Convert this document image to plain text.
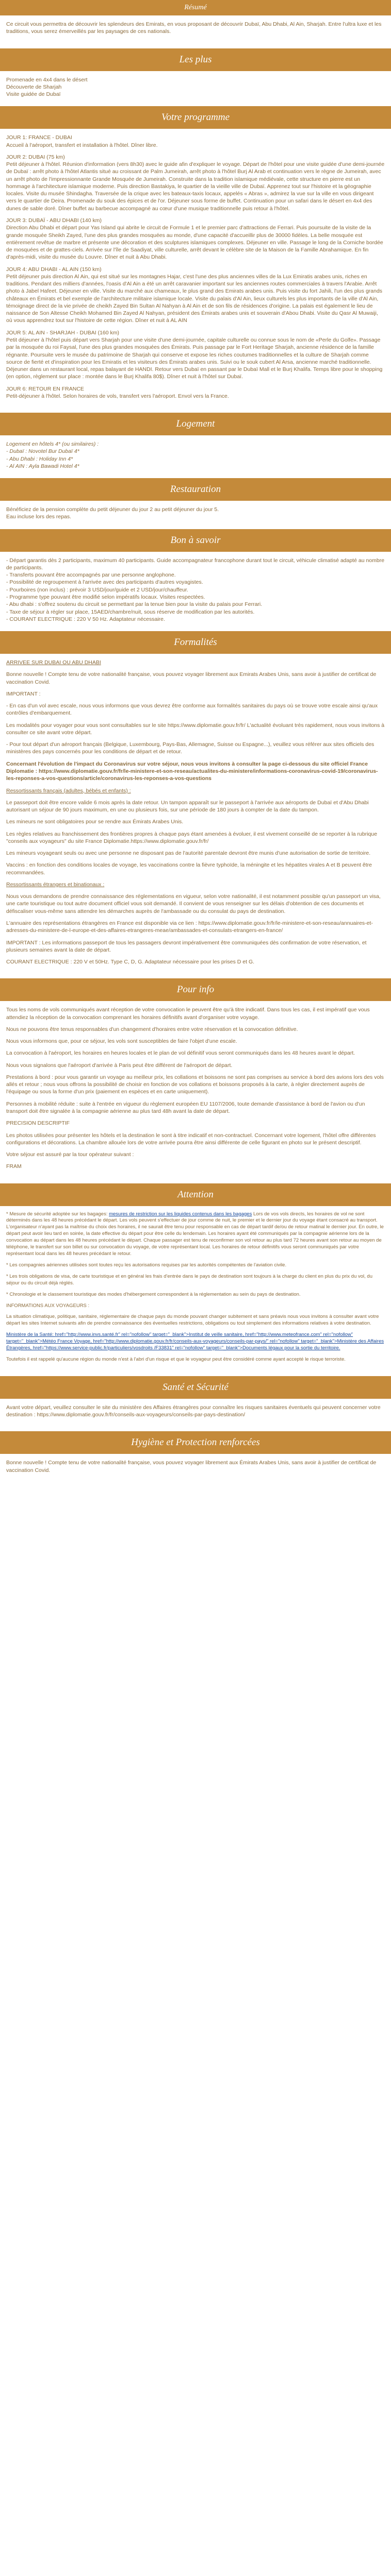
Résumé

Ce circuit vous permettra de découvrir les splendeurs des Emirats, en vous proposant de découvrir Dubaï, Abu Dhabi, Al Ain, Sharjah. Entre l'ultra luxe et les traditions, vous serez émerveillés par les paysages de ces nationals.

Les plus

Promenade en 4x4 dans le désert

Découverte de Sharjah

Visite guidée de Dubaï

Votre programme

JOUR 1: FRANCE - DUBAI
Accueil à l'aéroport, transfert et installation à l'hôtel. Dîner libre.

JOUR 2: DUBAI (75 km)
Petit déjeuner à l'hôtel. Réunion d'information (vers 8h30) avec le guide afin d'expliquer le voyage. Départ de l'hôtel pour une visite guidée d'une demi-journée de Dubaï : arrêt photo à l'hôtel Atlantis situé au croissant de Palm Jumeirah, arrêt photo à l'hôtel Burj Al Arab et continuation vers le règne de Jumeirah, avec un arrêt photo de l'impressionnante Grande Mosquée de Jumeirah. Construite dans la tradition islamique médiévale, cette structure en pierre est un hommage à l'architecture islamique moderne. Puis direction Bastakiya, le quartier de la vieille ville de Dubaï. Apprenez tout sur l'histoire et la géographie locales. Visite du musée Shindagha. Traversée de la crique avec les bateaux-taxis locaux, appelés « Abras », admirez la vue sur la ville en vous dirigeant vers le quartier de Deira. Promenade du souk des épices et de l'or. Déjeuner sous forme de buffet. Continuation pour un safari dans le désert en 4x4 des dunes de sable doré. Dîner buffet au barbecue accompagné au cœur d'une musique traditionnelle puis retour à l'hôtel.

JOUR 3: DUBAÏ - ABU DHABI (140 km)
Direction Abu Dhabi et départ pour Yas Island qui abrite le circuit de Formule 1 et le premier parc d'attractions de Ferrari. Puis poursuite de la visite de la grande mosquée Sheikh Zayed, l'une des plus grandes mosquées au monde, d'une capacité d'accueillir plus de 30000 fidèles. La belle mosquée est entièrement revêtue de marbre et présente une décoration et des sculptures islamiques complexes. Déjeuner en ville. Passage le long de la Corniche bordée de mosquées et de grattes-ciels. Arrivée sur l'île de Saadiyat, ville culturelle, arrêt devant le célèbre site de la Maison de la Famille Abrahamique. En fin d'après-midi, visite du musée du Louvre. Dîner et nuit à Abu Dhabi.

JOUR 4: ABU DHABI - AL AIN (150 km)
Petit déjeuner puis direction Al Ain, qui est situé sur les montagnes Hajar, c'est l'une des plus anciennes villes de la Lux Emiratis arabes unis, riches en traditions. Pendant des milliers d'années, l'oasis d'Al Ain a été un arrêt caravanier important sur les anciennes routes commerciales à travers l'Arabie. Arrêt photo à Jabel Hafeet. Déjeuner en ville. Visite du marché aux chameaux, le plus grand des Emirats arabes unis. Puis visite du fort Jahili, l'un des plus grands châteaux en Émirats et bel exemple de l'architecture militaire islamique locale. Visite du palais d'Al Ain, lieux culturels les plus importants de la ville d'Al Ain, témoignage direct de la vie privée de cheikh Zayed Bin Sultan Al Nahyan à Al Ain et de son fils de résidences d'origine. La palais est également le lieu de naissance de Son Altesse Cheikh Mohamed Bin Zayed Al Nahyan, président des Émirats arabes unis et souverain d'Abou Dhabi. Visite du Qasr Al Muwaiji, où vous apprendrez tout sur l'histoire de cette région. Dîner et nuit à AL AIN

JOUR 5: AL AIN - SHARJAH - DUBAI (160 km)
Petit déjeuner à l'hôtel puis départ vers Sharjah pour une visite d'une demi-journée, capitale culturelle ou connue sous le nom de «Perle du Golfe». Passage par la mosquée du roi Faysal, l'une des plus grandes mosquées des Émirats. Puis passage par le Fort Heritage Sharjah, ancienne résidence de la famille régnante. Poursuite vers le musée du patrimoine de Sharjah qui conserve et expose les riches coutumes traditionnelles et la culture de Sharjah comme source de fierté et d'inspiration pour les Emiratis et les visiteurs des Émirats arabes unis. Suivi ou le souk cubert Al Arsa, ancienne marché traditionnelle. Déjeuner dans un restaurant local, repas balayant de HANDI. Retour vers Dubaï en passant par le Dubaï Mall et le Burj Khalifa. Temps libre pour le shopping (en option, règlement sur place : montée dans le Burj Khalifa 80$). Dîner et nuit à l'hôtel sur Dubaï.

JOUR 6: RETOUR EN FRANCE
Petit-déjeuner à l'hôtel. Selon horaires de vols, transfert vers l'aéroport. Envol vers la France.

Logement

Logement en hôtels 4* (ou similaires) :

- Dubaï : Novotel Bur Dubaï 4*

- Abu Dhabi : Holiday Inn 4*

- Al AIN : Ayla Bawadi Hotel 4*

Restauration

Bénéficiez de la pension complète du petit déjeuner du jour 2 au petit déjeuner du jour 5.

Eau incluse lors des repas.

Bon à savoir

- Départ garantis dès 2 participants, maximum 40 participants. Guide accompagnateur francophone durant tout le circuit, véhicule climatisé adapté au nombre de participants.

- Transferts pouvant être accompagnés par une personne anglophone.

- Possibilité de regroupement à l'arrivée avec des participants d'autres voyagistes.

- Pourboires (non inclus) : prévoir 3 USD/jour/guide et 2 USD/jour/chauffeur.

- Programme type pouvant être modifié selon impératifs locaux. Visites respectées.

- Abu dhabi : s'offrez soutenu du circuit se permettant par la tenue bien pour la visite du palais pour Ferrari.

- Taxe de séjour à régler sur place, 15AED/chambre/nuit, sous réserve de modification par les autorités.

- COURANT ELECTRIQUE : 220 V 50 Hz. Adaptateur nécessaire.

Formalités

ARRIVEE SUR DUBAI OU ABU DHABI

Bonne nouvelle ! Compte tenu de votre nationalité française, vous pouvez voyager librement aux Emirats Arabes Unis, sans avoir à justifier de certificat de vaccination Covid.

IMPORTANT :

- En cas d'un vol avec escale, nous vous informons que vous devrez être conforme aux formalités sanitaires du pays où se trouve votre escale ainsi qu'aux contrôles d'embarquement.

Les modalités pour voyager pour vous sont consultables sur le site https://www.diplomatie.gouv.fr/fr/ L'actualité évoluant très rapidement, nous vous invitons à consulter ce site avant votre départ.

- Pour tout départ d'un aéroport français (Belgique, Luxembourg, Pays-Bas, Allemagne, Suisse ou Espagne...), veuillez vous référer aux sites officiels des ministères des pays concernés pour les conditions de départ et de retour.

Concernant l'évolution de l'impact du Coronavirus sur votre séjour, nous vous invitons à consulter la page ci-dessous du site officiel France Diplomatie : https://www.diplomatie.gouv.fr/fr/le-ministere-et-son-reseau/actualites-du-ministere/informations-coronavirus-covid-19/coronavirus-les-reponses-a-vos-questions/article/coronavirus-les-reponses-a-vos-questions

Ressortissants français (adultes, bébés et enfants) :

Le passeport doit être encore valide 6 mois après la date retour. Un tampon apparaît sur le passeport à l'arrivée aux aéroports de Dubaï et d'Abu Dhabi autorisant un séjour de 90 jours maximum, en une ou plusieurs fois, sur une période de 180 jours à compter de la date du tampon.

Les mineurs ne sont obligatoires pour se rendre aux Émirats Arabes Unis.

Les règles relatives au franchissement des frontières propres à chaque pays étant amenées à évoluer, il est vivement conseillé de se reporter à la rubrique "conseils aux voyageurs" du site France Diplomatie.https://www.diplomatie.gouv.fr/fr/

Les mineurs voyageant seuls ou avec une personne ne disposant pas de l'autorité parentale devront être munis d'une autorisation de sortie de territoire.

Vaccins : en fonction des conditions locales de voyage, les vaccinations contre la fièvre typhoïde, la méningite et les hépatites virales A et B peuvent être recommandées.

Ressortissants étrangers et binationaux :

Nous vous demandons de prendre connaissance des réglementations en vigueur, selon votre nationalité, il est notamment possible qu'un passeport un visa, une carte touristique ou tout autre document officiel vous soit demandé. Il convient de vous renseigner sur les délais d'obtention de ces documents et défiscaliser vous-même sans attendre les démarches auprès de l'ambassade ou du consulat du pays de destination.

L'annuaire des représentations étrangères en France est disponible via ce lien : https://www.diplomatie.gouv.fr/fr/le-ministere-et-son-reseau/annuaires-et-adresses-du-ministere-de-l-europe-et-des-affaires-etrangeres-meae/ambassades-et-consulats-etrangers-en-france/

IMPORTANT : Les informations passeport de tous les passagers devront impérativement être communiquées dès confirmation de votre réservation, et plusieurs semaines avant la date de départ.

COURANT ELECTRIQUE : 220 V et 50Hz. Type C, D, G. Adaptateur nécessaire pour les prises D et G.

Pour info

Tous les noms de vols communiqués avant réception de votre convocation le peuvent être qu'à titre indicatif. Dans tous les cas, il est impératif que vous attendiez la réception de la convocation comprenant les horaires définitifs avant d'organiser votre voyage.

Nous ne pouvons être tenus responsables d'un changement d'horaires entre votre réservation et la convocation définitive.

Nous vous informons que, pour ce séjour, les vols sont susceptibles de faire l'objet d'une escale.

La convocation à l'aéroport, les horaires en heures locales et le plan de vol définitif vous seront communiqués dans les 48 heures avant le départ.

Nous vous signalons que l'aéroport d'arrivée à Paris peut être différent de l'aéroport de départ.

Prestations à bord : pour vous garantir un voyage au meilleur prix, les collations et boissons ne sont pas comprises au service à bord des avions lors des vols allés et retour ; nous vous offrons la possibilité de choisir en fonction de vos collations et boissons proposés à la carte, à régler directement auprès de l'équipage ou sous la forme d'un prix (paiement en espèces et en carte uniquement).

Personnes à mobilité réduite : suite à l'entrée en vigueur du règlement européen EU 1107/2006, toute demande d'assistance à bord de l'avion ou d'un transport doit être signalée à la compagnie aérienne au plus tard 48h avant la date de départ.

PRECISION DESCRIPTIF

Les photos utilisées pour présenter les hôtels et la destination le sont à titre indicatif et non-contractuel. Concernant votre logement, l'hôtel offre différentes configurations et décorations. La chambre allouée lors de votre arrivée pourra être ainsi différente de celle figurant en photo sur le présent descriptif.

Votre séjour est assuré par la tour opérateur suivant :

FRAM

Attention

* Mesure de sécurité adoptée sur les bagages: mesures de restriction sur les liquides contenus dans les bagages Lors de vos vols directs, les horaires de vol ne sont déterminés dans les 48 heures précédant le départ. Les vols peuvent s'effectuer de jour comme de nuit, le premier et le dernier jour du voyage étant consacré au transport. L'organisateur n'ayant pas la maîtrise du choix des horaires, il ne saurait être tenu pour responsable en cas de départ tardif de/ou de retour matinal le dernier jour. En outre, le départ peut avoir lieu tard en soirée, la date effective du départ pour être celle du lendemain. Les horaires ayant été communiqués par la compagnie aérienne lors de la convocation au départ dans les 48 heures précédant le départ. Chaque passager est tenu de reconfirmer son vol retour au plus tard 72 heures avant son retour au moyen de téléphone, le transfert sur son billet ou sur convocation du voyage, de votre représentant local. Les horaires de retour définitifs vous seront communiqués par votre représentant local dans les 48 heures précédant le retour.

* Les compagnies aériennes utilisées sont toutes reçu les autorisations requises par les autorités compétentes de l'aviation civile.

* Les trois obligations de visa, de carte touristique et en général les frais d'entrée dans le pays de destination sont toujours à la charge du client en plus du prix du vol, du séjour ou du circuit déjà réglés.

* Chronologie et le classement touristique des modes d'hébergement correspondent à la réglementation au sein du pays de destination.

INFORMATIONS AUX VOYAGEURS :

La situation climatique, politique, sanitaire, réglementaire de chaque pays du monde pouvant changer subitement et sans préavis nous vous invitons à consulter avant votre départ les sites Internet suivants afin de prendre connaissance des éventuelles restrictions, obligations ou tout simplement des informations relatives à votre destination.

Ministère de la Santé: href="http://www.invs.santé.fr" rel="nofollow" target="_blank">Institut de veille sanitaire, href="http://www.meteofrance.com" rel="nofollow" target="_blank">Météo France Voyage, href="http://www.diplomatie.gouv.fr/fr/conseils-aux-voyageurs/conseils-par-pays/" rel="nofollow" target="_blank">Ministère des Affaires Étrangères, href="https://www.service-public.fr/particuliers/vosdroits /F33831" rel="nofollow" target="_blank">Documents légaux pour la sortie du territoire.

Toutefois il est rappelé qu'aucune région du monde n'est à l'abri d'un risque et que le voyageur peut être considéré comme ayant accepté le risque terroriste.

Santé et Sécurité

Avant votre départ, veuillez consulter le site du ministère des Affaires étrangères pour connaître les risques sanitaires éventuels qui peuvent concerner votre destination : https://www.diplomatie.gouv.fr/fr/conseils-aux-voyageurs/conseils-par-pays-destination/

Hygiène et Protection renforcées

Bonne nouvelle ! Compte tenu de votre nationalité française, vous pouvez voyager librement aux Émirats Arabes Unis, sans avoir à justifier de certificat de vaccination Covid.
